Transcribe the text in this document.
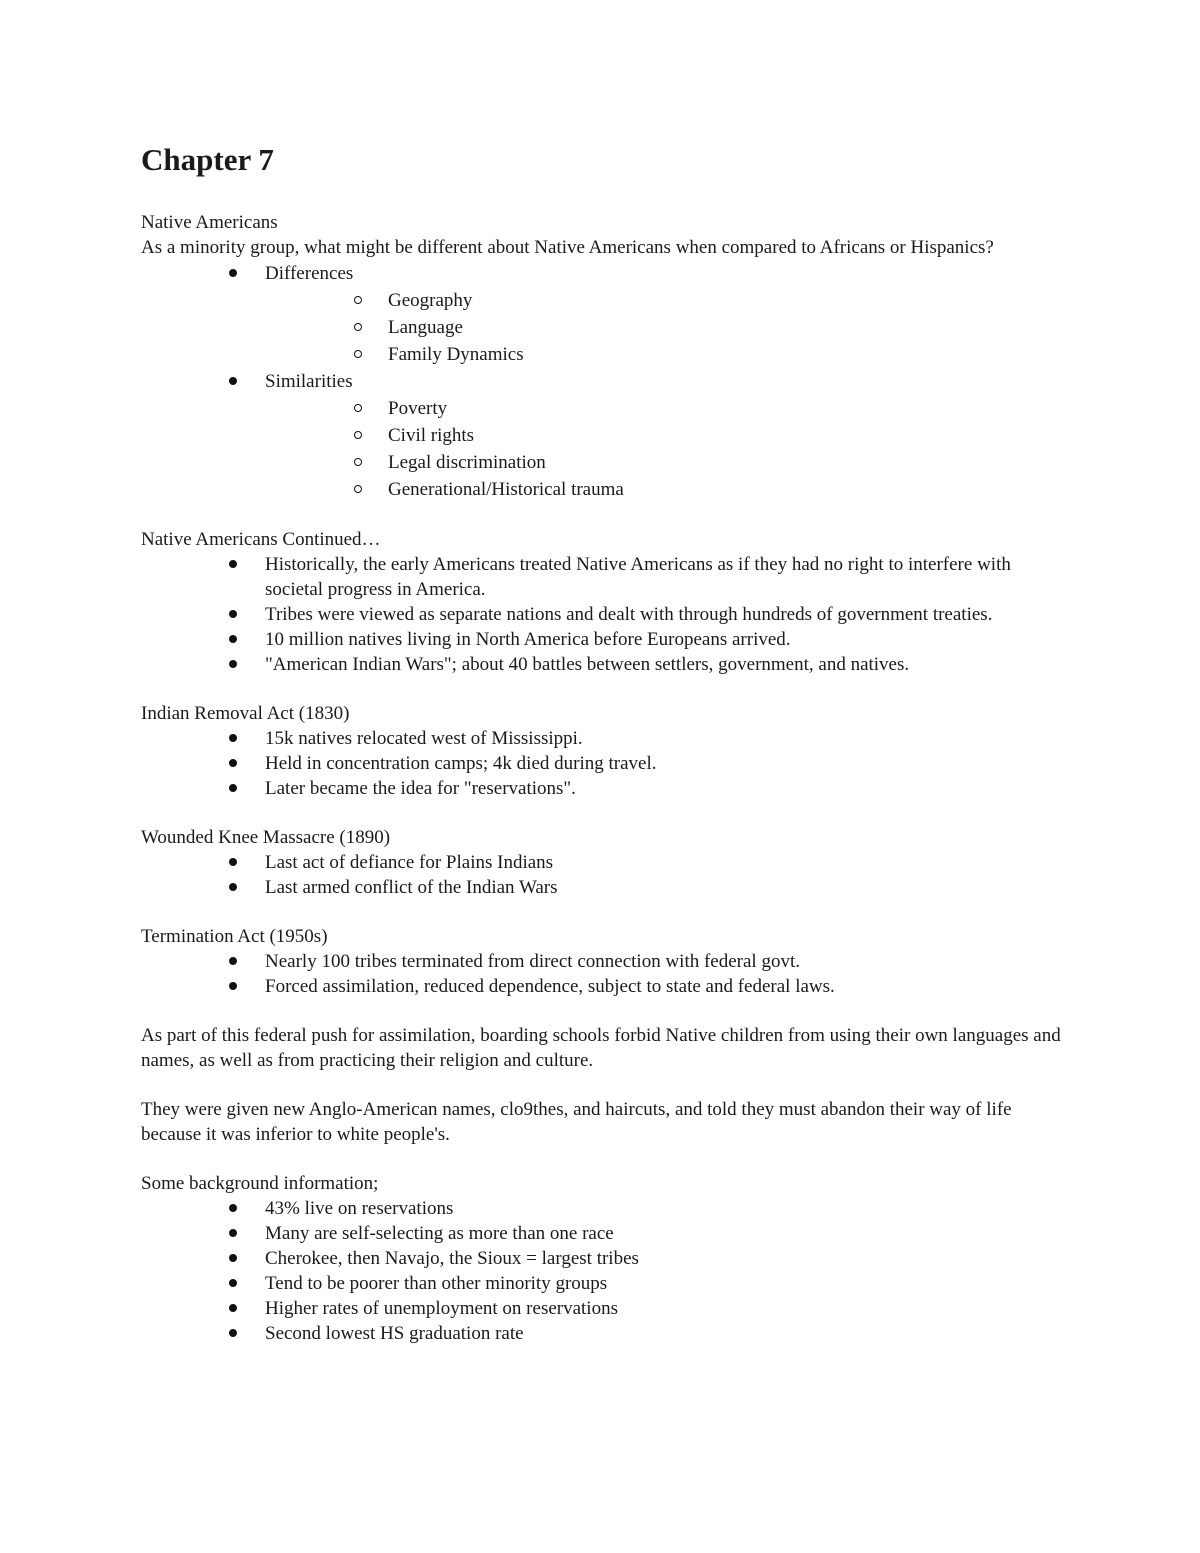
Chapter 7

Native Americans

As a minority group, what might be different about Native Americans when compared to Africans or Hispanics?

Differences
Geography
Language
Family Dynamics
Similarities
Poverty
Civil rights
Legal discrimination
Generational/Historical trauma

Native Americans Continued…

Historically, the early Americans treated Native Americans as if they had no right to interfere with societal progress in America.
Tribes were viewed as separate nations and dealt with through hundreds of government treaties.
10 million natives living in North America before Europeans arrived.
"American Indian Wars"; about 40 battles between settlers, government, and natives.

Indian Removal Act (1830)

15k natives relocated west of Mississippi.
Held in concentration camps; 4k died during travel.
Later became the idea for "reservations".

Wounded Knee Massacre (1890)

Last act of defiance for Plains Indians
Last armed conflict of the Indian Wars

Termination Act (1950s)

Nearly 100 tribes terminated from direct connection with federal govt.
Forced assimilation, reduced dependence, subject to state and federal laws.

As part of this federal push for assimilation, boarding schools forbid Native children from using their own languages and names, as well as from practicing their religion and culture.

They were given new Anglo-American names, clo9thes, and haircuts, and told they must abandon their way of life because it was inferior to white people's.

Some background information;

43% live on reservations
Many are self-selecting as more than one race
Cherokee, then Navajo, the Sioux = largest tribes
Tend to be poorer than other minority groups
Higher rates of unemployment on reservations
Second lowest HS graduation rate
